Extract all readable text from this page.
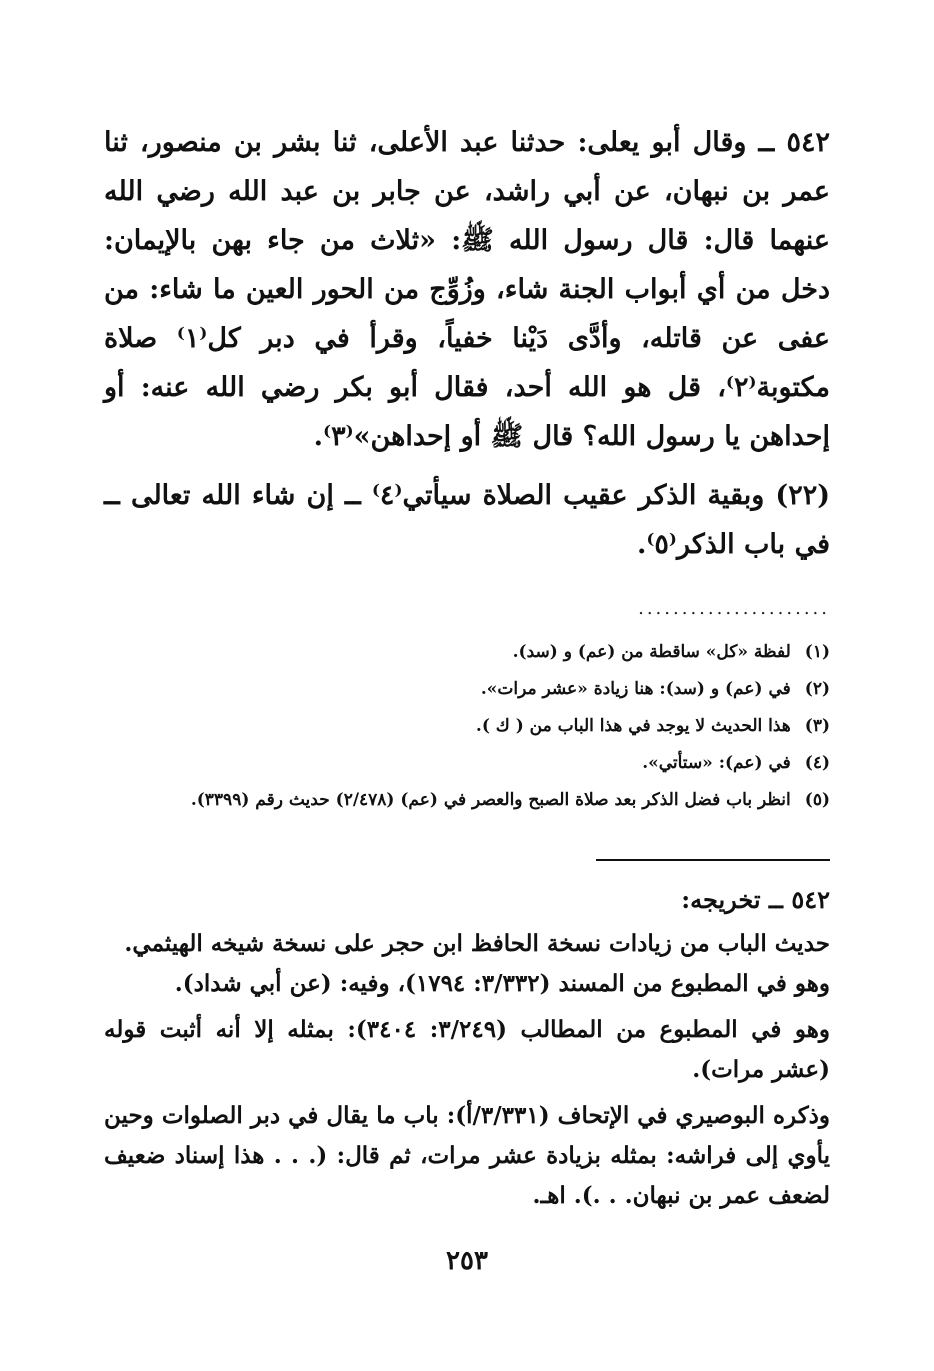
٥٤٢ ــ وقال أبو يعلى: حدثنا عبد الأعلى، ثنا بشر بن منصور، ثنا عمر بن نبهان، عن أبي راشد، عن جابر بن عبد الله رضي الله عنهما قال: قال رسول الله ﷺ: «ثلاث من جاء بهن بالإيمان: دخل من أي أبواب الجنة شاء، وزُوِّج من الحور العين ما شاء: من عفى عن قاتله، وأدَّى دَيْنا خفياً، وقرأ في دبر كل⁽١⁾ صلاة مكتوبة⁽٢⁾، قل هو الله أحد، فقال أبو بكر رضي الله عنه: أو إحداهن يا رسول الله؟ قال ﷺ أو إحداهن»⁽٣⁾.

(٢٢) وبقية الذكر عقيب الصلاة سيأتي⁽٤⁾ ــ إن شاء الله تعالى ــ في باب الذكر⁽٥⁾.

......................
(١)
لفظة «كل» ساقطة من (عم) و (سد).
(٢)
في (عم) و (سد): هنا زيادة «عشر مرات».
(٣)
هذا الحديث لا يوجد في هذا الباب من ( ك ).
(٤)
في (عم): «ستأتي».
(٥)
انظر باب فضل الذكر بعد صلاة الصبح والعصر في (عم) (٢/٤٧٨) حديث رقم (٣٣٩٩).
٥٤٢ ــ تخريجه:

حديث الباب من زيادات نسخة الحافظ ابن حجر على نسخة شيخه الهيثمي.

وهو في المطبوع من المسند (٣/٣٣٢: ١٧٩٤)، وفيه: (عن أبي شداد).

وهو في المطبوع من المطالب (٣/٢٤٩: ٣٤٠٤): بمثله إلا أنه أثبت قوله (عشر مرات).

وذكره البوصيري في الإتحاف (٣/٣٣١/أ): باب ما يقال في دبر الصلوات وحين يأوي إلى فراشه: بمثله بزيادة عشر مرات، ثم قال: (. . . هذا إسناد ضعيف لضعف عمر بن نبهان. . .). اهـ.

٢٥٣
